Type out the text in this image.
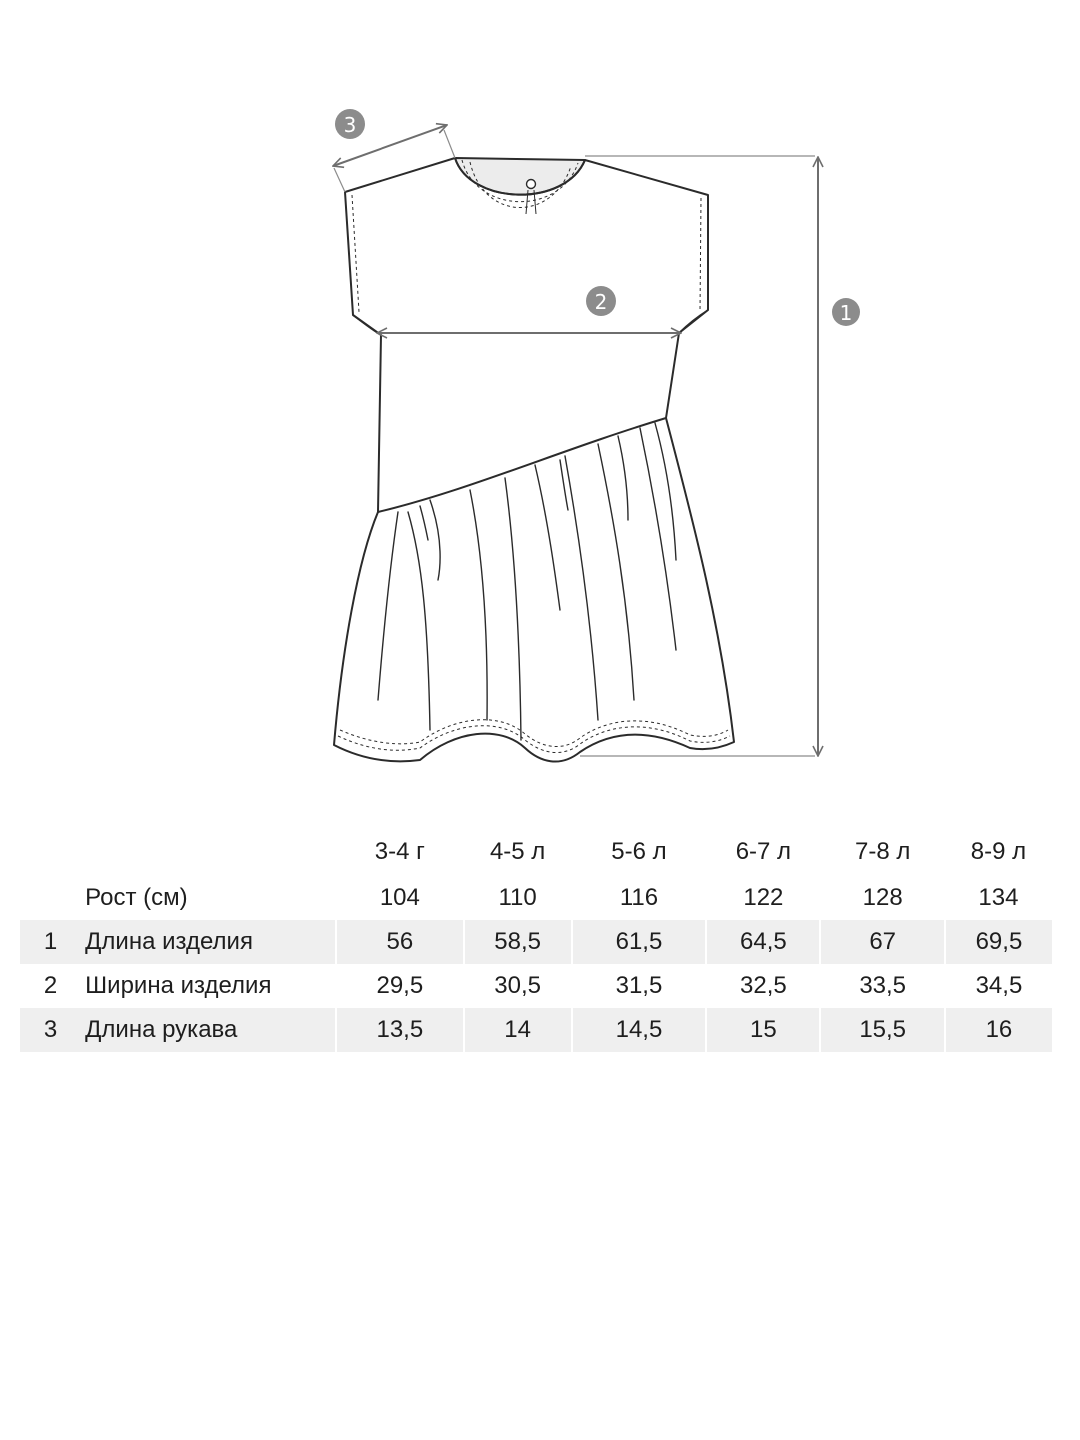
1
2
3
		3-4 г	4-5 л	5-6 л	6-7 л	7-8 л	8-9 л
	Рост (см)	104	110	116	122	128	134
1	Длина изделия	56	58,5	61,5	64,5	67	69,5
2	Ширина изделия	29,5	30,5	31,5	32,5	33,5	34,5
3	Длина рукава	13,5	14	14,5	15	15,5	16
